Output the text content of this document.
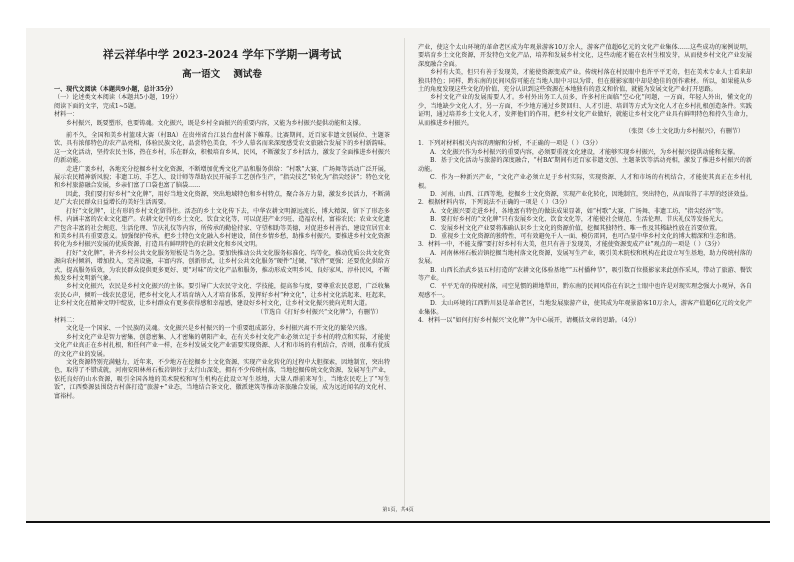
祥云祥华中学 2023-2024 学年下学期一调考试
高一语文 测试卷

一、现代文阅读（本题共9小题，总计35分）

（一）论述类文本阅读（本题共5小题，19分）

阅读下面的文字，完成1~5题。

材料一：

乡村振兴，既要塑形，也要铸魂。文化振兴，既是乡村全面振兴的重要内容，又能为乡村振兴提供动能和支撑。

前不久，全国和美乡村篮球大赛（村BA）在贵州省台江县台盘村落下帷幕。比赛期间，近百家非遗文创展位、主题茶饮、具有浓郁特色的农产品亮相，体验民族文化，品尝特色美食，不少人慕名而来深度感受农文旅融合发展下的乡村新韵味。这一文化活动，坚持农民主体，热在乡村，乐在群众，积极培育乡风、民风，不断激发了乡村活力，激发了全面推进乡村振兴的新动能。

走进广袤乡村，各地充分挖掘乡村文化资源，不断增加优秀文化产品和服务供给：“村歌”大赛、广场舞等活动广泛开展，展示农民精神新风貌；非遗工坊、手艺人、设计师等帮助农民开展手工艺创作生产，“指尖技艺”转化为“指尖经济”；特色文化和乡村旅游融合发展，乡亲们富了口袋也富了脑袋……

因此，我们要打好乡村“文化牌”，用好当地文化资源，突出地域特色和乡村特点，聚合各方力量，激发乡民活力，不断满足广大农民群众日益增长的美好生活需要。

打好“文化牌”，让有形的乡村文化留得住。活态的乡土文化传下去，中华农耕文明源远流长，博大精深，留下了形态多样、内涵丰富的农业文化遗产。农耕文化中的乡土文化、饮食文化等，可以促进产业兴旺、造福农村，富裕农民；农业文化遗产包含丰富的社会规范、生活伦理、节庆礼仪等内容，所传承的勤俭持家、守望相助等美德，对促进乡村善治、建设宜居宜业和美乡村具有重要意义。加强保护传承，把乡土特色文化融入乡村建设，留住乡情乡愁，助推乡村振兴。要推进乡村文化资源转化为乡村振兴发展的优质资源，打造具有鲜明特色的农耕文化和乡风文明。

打好“文化牌”，补齐乡村公共文化服务短板是当务之急。要加快推动公共文化服务标准化、均等化，推动优质公共文化资源向农村倾斜，增加投入，完善设施，丰富内容，创新形式，让乡村公共文化服务“硬件”过硬、“软件”更强；还要优化供给方式，提高服务质效，为农民群众提供更多更好、更“对味”的文化产品和服务，推动形成文明乡风、良好家风、淳朴民风，不断焕发乡村文明新气象。

乡村文化振兴，农民是乡村文化振兴的主体。要引导广大农民守文化、学技能，提高参与度，要尊重农民意愿，广泛收集农民心声，倾听一线农民意见，把乡村文化人才培育纳入人才培育体系，发挥好乡村“种文化”，让乡村文化活起来、旺起来，让乡村文化在精神文明中绽放，让乡村群众有更多获得感和幸福感，建设好乡村文化，让乡村文化振兴驶向光明大道。

（节选自《打好乡村振兴“文化牌”》，有删节）

材料二：

文化是一个国家、一个民族的灵魂。文化振兴是乡村振兴的一个重要组成部分，乡村振兴离不开文化的繁荣兴盛。

乡村文化产业是智力密集、创意密集、人才密集的朝阳产业，在有关乡村文化产业必须立足于乡村的特点和实际，才能使文化产业真正在乡村扎根，和任何产业一样，在乡村发展文化产业需要实现资源、人才和市场的有机结合，否则，很难有优质的文化产业的发展。

文化资源特别充满魅力，近年来，不少地方在挖掘乡土文化资源，实现产业化转化的过程中大胆探索，因地制宜，突出特色，取得了不错成就，河南安阳林州石板岩镇位于太行山深处，拥有不少传统村落，当地挖掘传统文化资源，发展写生产业，依托良好的山水资源，吸引全国各地的美术院校和写生机构在此设立写生基地，大量人群前来写生，当地农民吃上了“写生饭”，江西婺源县围绕古村落打造“旅游+”业态，当地结合茶文化、徽派建筑等推动茶旅融合发展，成为远近闻名的文化村、富裕村。

产业，使这个太山环境的革命老区成为年观景游客10万余人，游客产值超6亿元的文化产业集体……这些成功的案例说明，要培育乡土文化资源，开发特色文化产品，培养和发展乡村文化，这些动能才能在农村生根发芽，从而使乡村文化产业发展深度融合全面。

乡村有大美，但只有善于发现美，才能使资源变成产业。传统村落在村民眼中也许平平无奇，但在美术专业人士看来却独具特色；同样，黔东南的民间风俗可能在当地人眼中习以为常，但在摄影家眼中却是绝佳的创作素材。所以，如果能从乡土的角度发现这些文化的价值，充分认识到这些资源在本地独有的意义和价值，就能为发展文化产业打开思路。

乡村文化产业的发展需要人才。乡村外出务工人员多，许多村庄面临“空心化”问题，一方面，年轻人外出，懂文化的少，当地缺少文化人才，另一方面，不少地方通过乡贤回归、人才引进、培训等方式为文化人才在乡村扎根创造条件。实践证明，通过培养乡土文化人才，发挥他们的作用，把乡村文化产业做好，就能让乡村文化产业具有鲜明特色和持久生命力，从而推进乡村振兴。

（张贺《乡土文化助力乡村振兴》，有删节）

1．下列对材料相关内容的理解和分析，不正确的一项是（ ）（3分）

A．文化振兴作为乡村振兴的重要内容，必须要重视文化建设，才能够实现乡村振兴，为乡村振兴提供动能和支撑。

B．基于文化活动与旅游的深度融合，“村BA”期间有近百家非遗文创、主题茶饮等活动亮相，激发了推进乡村振兴的新动能。

C．作为一种新兴产业，“文化产业必须立足于乡村实际，实现资源、人才和市场的有机结合，才能使其真正在乡村扎根。

D．河南、山西、江西等地，挖掘乡土文化资源，实现产业化转化，因地制宜，突出特色，从而取得了丰厚的经济效益。

2．根据材料内容，下列说法不正确的一项是（ ）（3分）

A．文化振兴要走进乡村，各地富有特色的做法成果显著，如“村歌”大赛、广场舞、非遗工坊、“指尖经济”等。

B．要打好乡村的“文化牌”只有发展乡文化、饮食文化等，才能使社会规范、生活伦理、节庆礼仪等发扬光大。

C．发展乡村文化产业要将准确认识乡土文化的资源价值，挖掘其独特性、唯一性及其稀缺性放在首要位置。

D．重视乡土文化资源的独特性，可有效避免千人一面、模仿雷同，也可凸显中华乡村文化的博大精深和生态和谐。

3．材料一中，不能支撑“要打好乡村有大美，但只有善于发现美，才能使资源变成产业”观点的一项是（ ）（3分）

A．河南林州石板岩镇挖掘当地村落文化资源，发展写生产业，吸引美术院校和机构在此设立写生基地，助力传统村落的发展。

B．山西长治武乡县五村打造的“农耕文化体验基地”“五村播种节”，吸引数百位摄影家来此创作采风，带动了旅游、餐饮等产业。

C．平平无奇的传统村落，司空见惯的耕地犁田，黔东南的民间风俗在有识之士眼中也许是对现实理念强大小观异，各自观感不一。

D．太山环境的江西黔川县是革命老区，当地发展旅游产业，使其成为年观景游客10万余人，游客产值超6亿元的文化产业集体。

4．材料一以“如何打好乡村振兴‘文化牌’”为中心展开，请概括文章的思路。（4分）

第1页，共4页
